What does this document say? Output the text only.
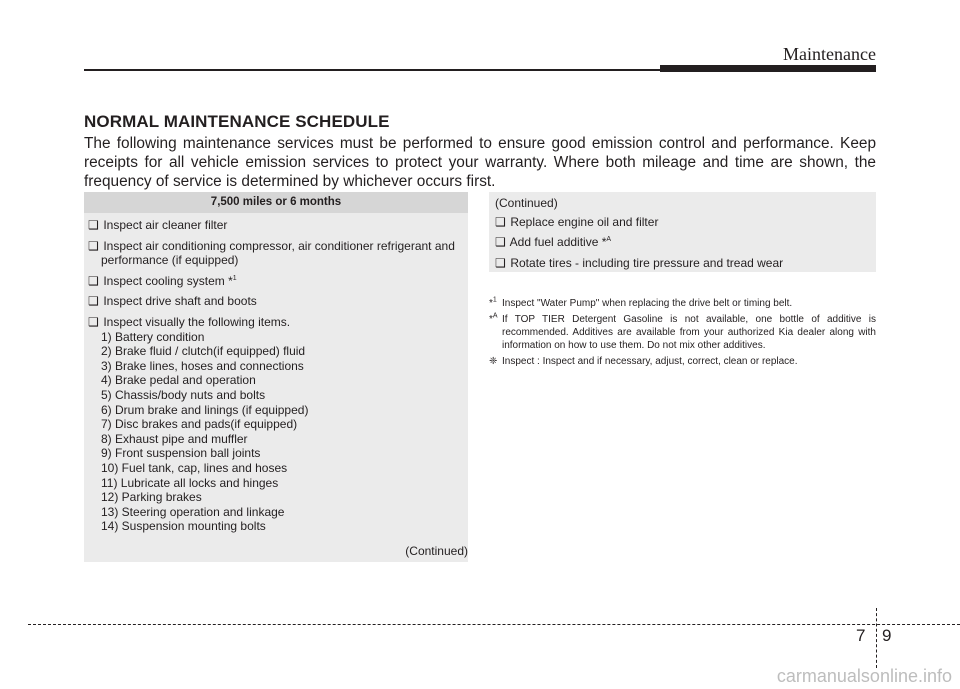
Maintenance
NORMAL MAINTENANCE SCHEDULE
The following maintenance services must be performed to ensure good emission control and performance. Keep receipts for all vehicle emission services to protect your warranty. Where both mileage and time are shown, the frequency of service is determined by whichever occurs first.
7,500 miles or 6 months
❑ Inspect air cleaner filter
❑ Inspect air conditioning compressor, air conditioner refrigerant and
performance (if equipped)
❑ Inspect cooling system *$^1$
❑ Inspect drive shaft and boots
❑ Inspect visually the following items.
1) Battery condition
2) Brake fluid / clutch(if equipped) fluid
3) Brake lines, hoses and connections
4) Brake pedal and operation
5) Chassis/body nuts and bolts
6) Drum brake and linings (if equipped)
7) Disc brakes and pads(if equipped)
8) Exhaust pipe and muffler
9) Front suspension ball joints
10) Fuel tank, cap, lines and hoses
11) Lubricate all locks and hinges
12) Parking brakes
13) Steering operation and linkage
14) Suspension mounting bolts
(Continued)
(Continued)
❑ Replace engine oil and filter
❑ Add fuel additive *$^A$
❑ Rotate tires - including tire pressure and tread wear
*$^1$ Inspect "Water Pump" when replacing the drive belt or timing belt.
*$^A$ If TOP TIER Detergent Gasoline is not available, one bottle of additive is recommended. Additives are available from your authorized Kia dealer along with information on how to use them. Do not mix other additives.
❈ Inspect : Inspect and if necessary, adjust, correct, clean or replace.
7 9
carmanualsonline.info
